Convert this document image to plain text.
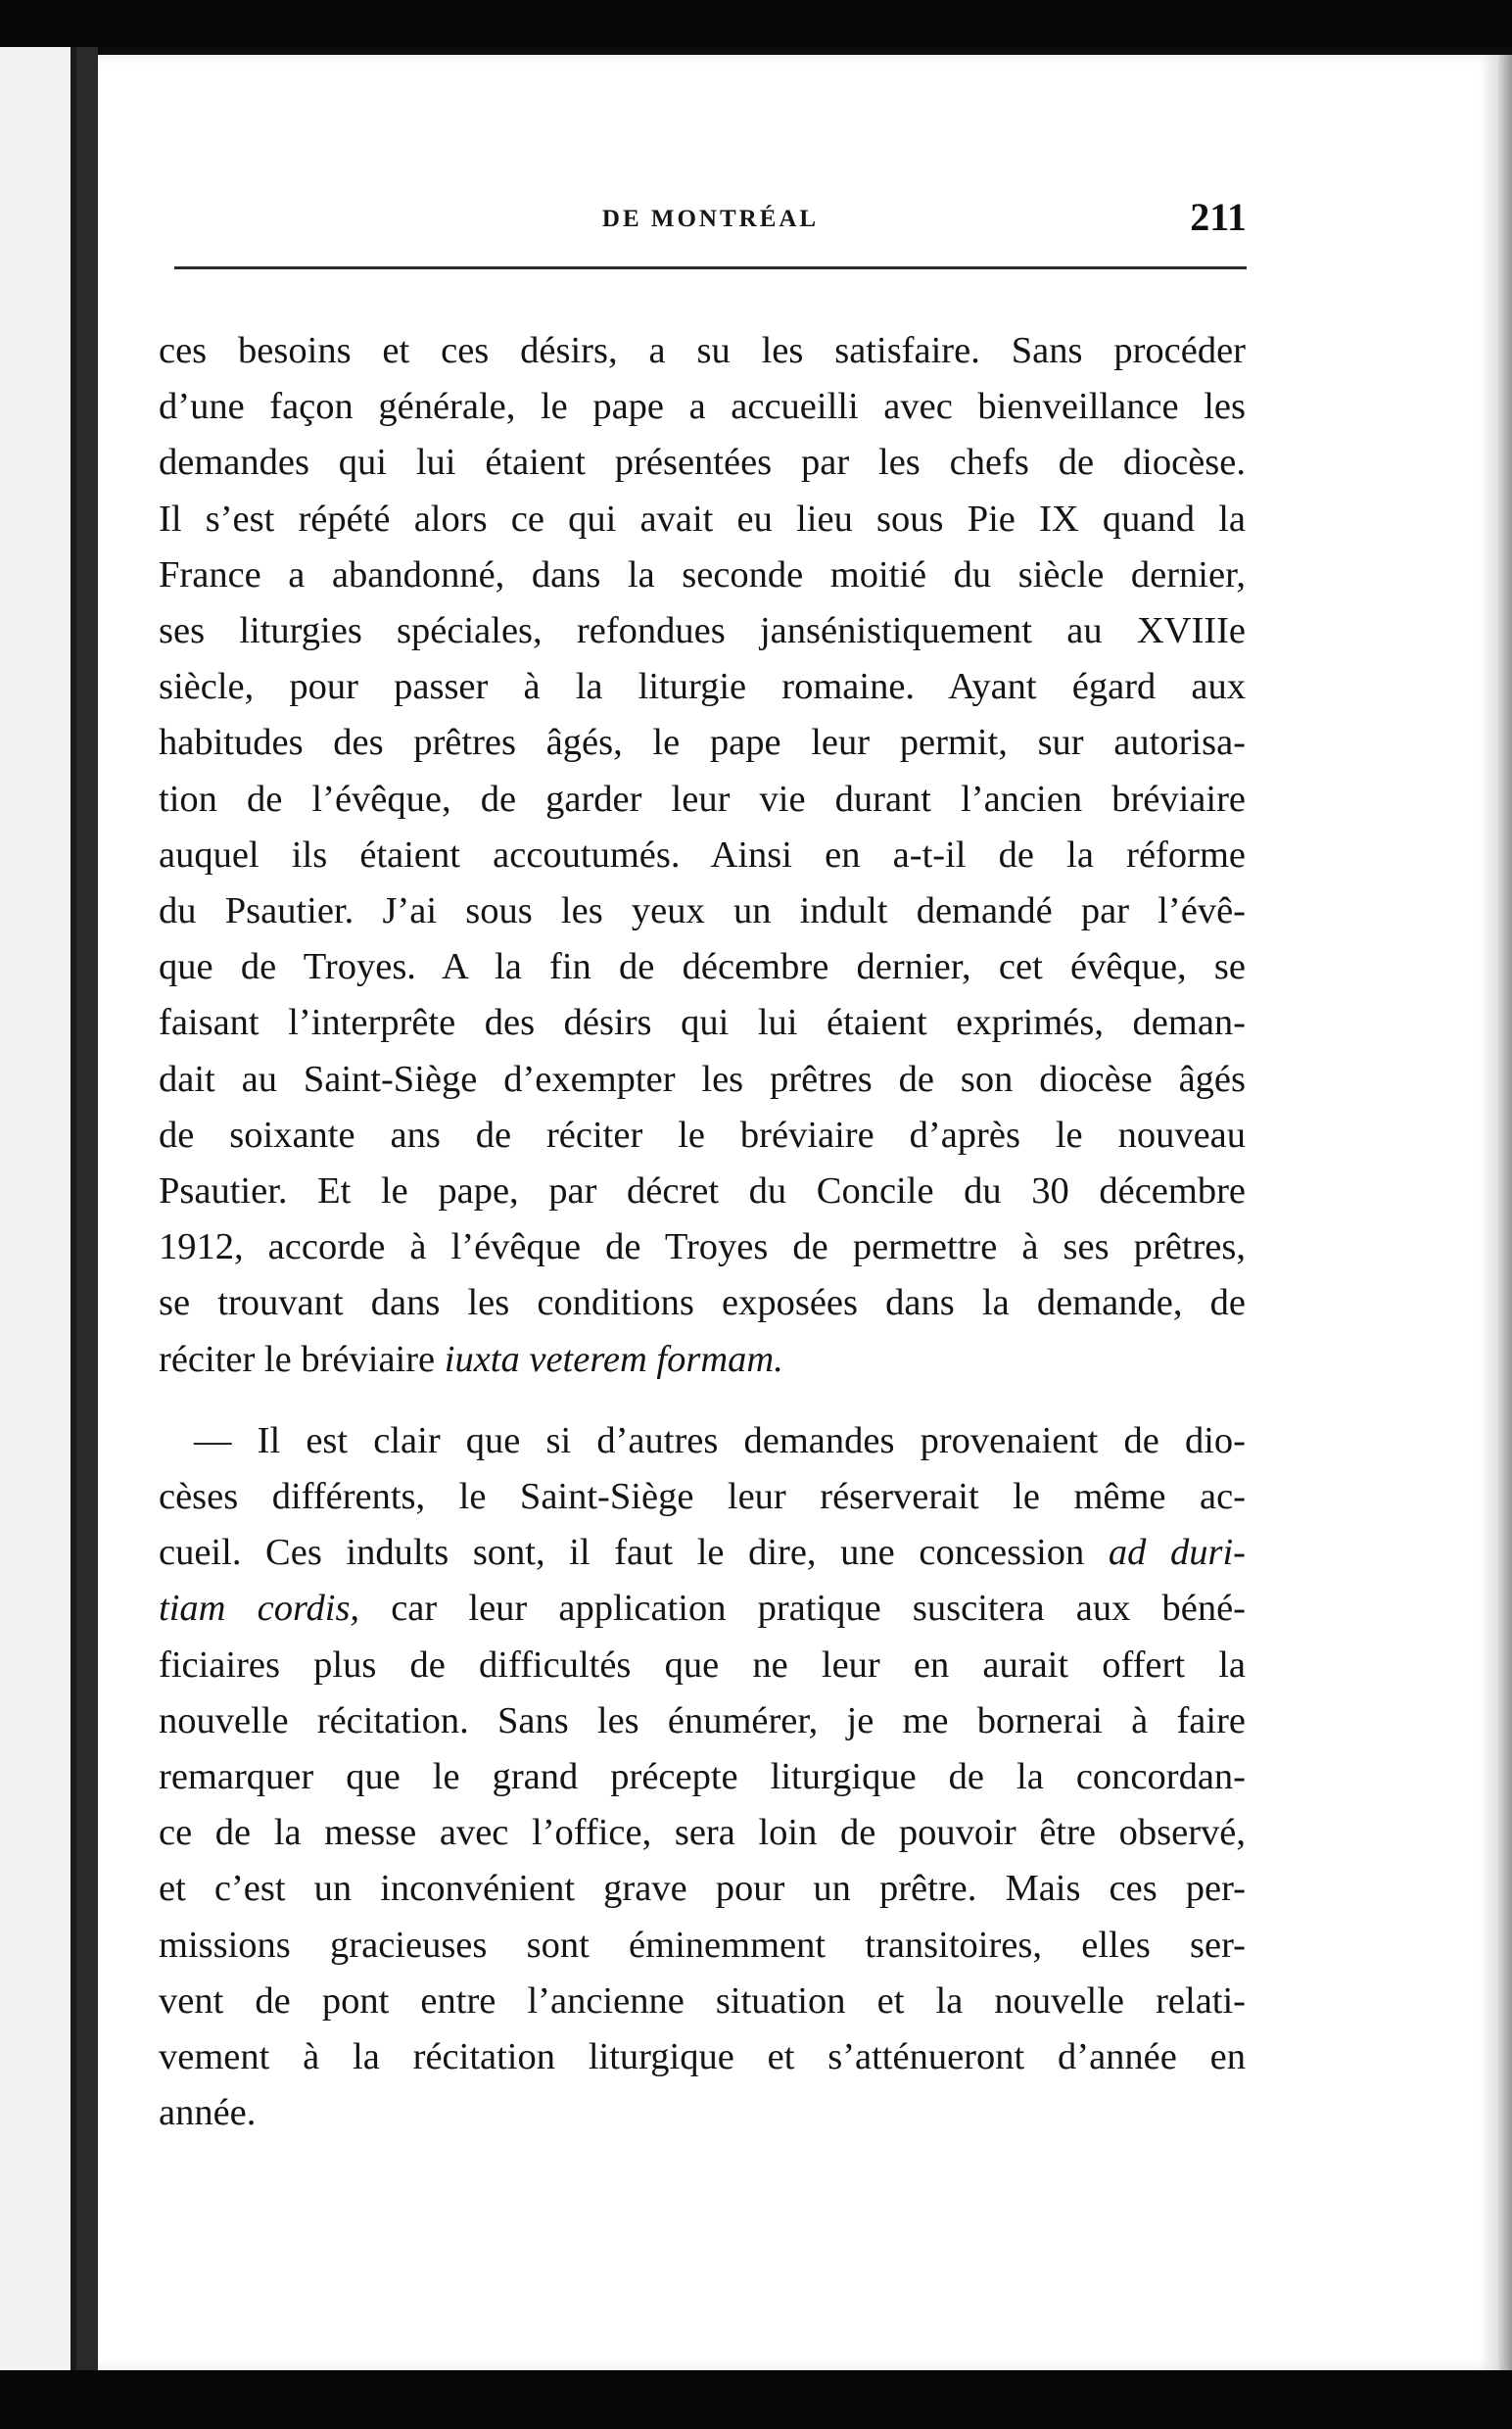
DE MONTRÉAL	211
ces besoins et ces désirs, a su les satisfaire. Sans procéder
d’une façon générale, le pape a accueilli avec bienveillance les
demandes qui lui étaient présentées par les chefs de diocèse.
Il s’est répété alors ce qui avait eu lieu sous Pie IX quand la
France a abandonné, dans la seconde moitié du siècle dernier,
ses liturgies spéciales, refondues jansénistiquement au XVIIIe
siècle, pour passer à la liturgie romaine. Ayant égard aux
habitudes des prêtres âgés, le pape leur permit, sur autorisa-
tion de l’évêque, de garder leur vie durant l’ancien bréviaire
auquel ils étaient accoutumés. Ainsi en a-t-il de la réforme
du Psautier. J’ai sous les yeux un indult demandé par l’évê-
que de Troyes. A la fin de décembre dernier, cet évêque, se
faisant l’interprête des désirs qui lui étaient exprimés, deman-
dait au Saint-Siège d’exempter les prêtres de son diocèse âgés
de soixante ans de réciter le bréviaire d’après le nouveau
Psautier. Et le pape, par décret du Concile du 30 décembre
1912, accorde à l’évêque de Troyes de permettre à ses prêtres,
se trouvant dans les conditions exposées dans la demande, de
réciter le bréviaire iuxta veterem formam.
— Il est clair que si d’autres demandes provenaient de dio-
cèses différents, le Saint-Siège leur réserverait le même ac-
cueil. Ces indults sont, il faut le dire, une concession ad duri-
tiam cordis, car leur application pratique suscitera aux béné-
ficiaires plus de difficultés que ne leur en aurait offert la
nouvelle récitation. Sans les énumérer, je me bornerai à faire
remarquer que le grand précepte liturgique de la concordan-
ce de la messe avec l’office, sera loin de pouvoir être observé,
et c’est un inconvénient grave pour un prêtre. Mais ces per-
missions gracieuses sont éminemment transitoires, elles ser-
vent de pont entre l’ancienne situation et la nouvelle relati-
vement à la récitation liturgique et s’atténueront d’année en
année.
